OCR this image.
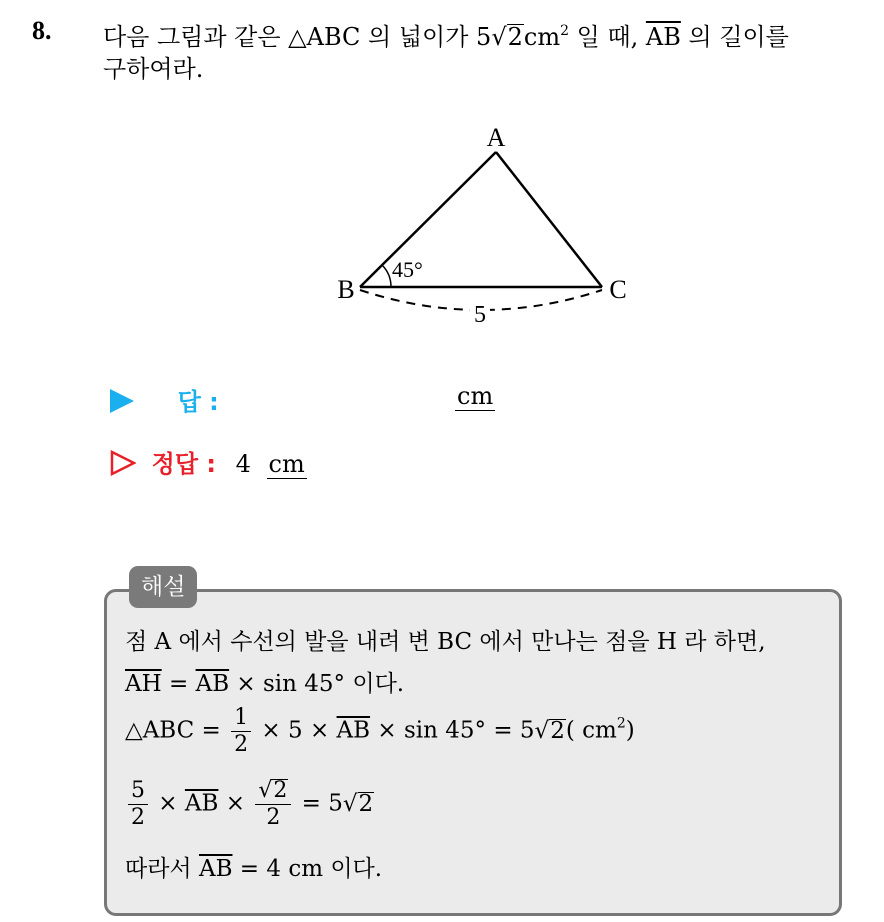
8. 다음 그림과 같은 △ABC 의 넓이가 $5√2cm^2$ 일 때, $\overline{AB}$ 의 길이를
구하여라.
A
B	C
45°
5
답 :	cm
정답 : 4 cm
해설
점 A 에서 수선의 발을 내려 변 BC 에서 만나는 점을 H 라 하면,
$\overline{AH} = \overline{AB} \times \sin 45^\circ$ 이다.
△ABC = $\frac{1}{2} \times 5 \times \overline{AB} \times \sin 45^\circ = 5√2$( $cm^2$)
$\frac{5}{2} \times \overline{AB} \times \frac{√2}{2} = 5√2$
따라서 $\overline{AB} = 4$ cm 이다.
